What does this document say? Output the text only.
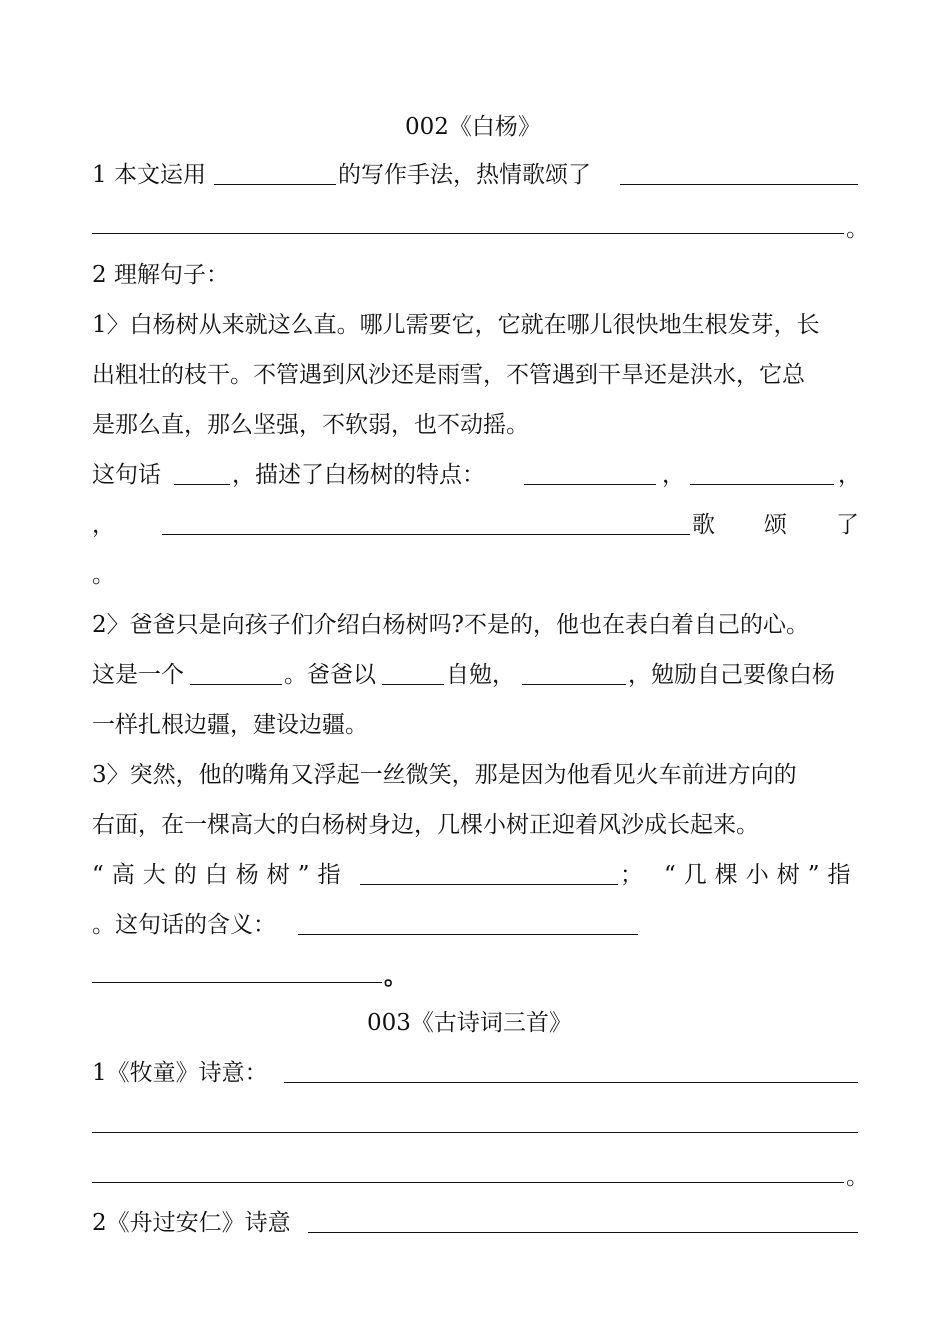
002《白杨》
1 本文运用	的写作手法，热情歌颂了
。
2 理解句子：
1〉白杨树从来就这么直。哪儿需要它，它就在哪儿很快地生根发芽，长
出粗壮的枝干。不管遇到风沙还是雨雪，不管遇到干旱还是洪水，它总
是那么直，那么坚强，不软弱，也不动摇。
这句话	，描述了白杨树的特点：	，	，
，	歌 颂 了
。
2〉爸爸只是向孩子们介绍白杨树吗?不是的，他也在表白着自己的心。
这是一个	。爸爸以	自勉，	，勉励自己要像白杨
一样扎根边疆，建设边疆。
3〉突然，他的嘴角又浮起一丝微笑，那是因为他看见火车前进方向的
右面，在一棵高大的白杨树身边，几棵小树正迎着风沙成长起来。
“高大的白杨树”指	； “几棵小树”指
。这句话的含义：
。
003《古诗词三首》
1《牧童》诗意：
。
2《舟过安仁》诗意
